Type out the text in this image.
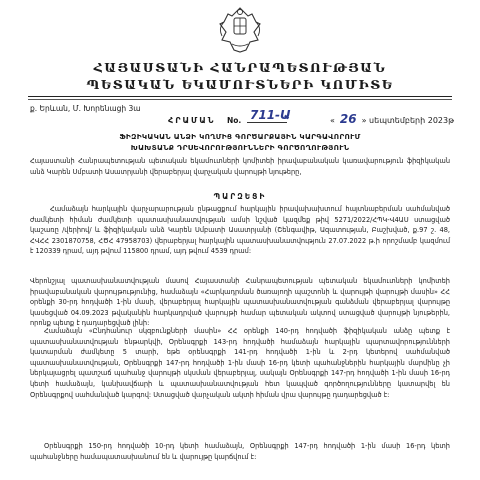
ՀԱՅԱՍՏԱՆԻ ՀԱՆՐԱՊԵՏՈՒԹՅԱՆ
ՊԵՏԱԿԱՆ ԵԿԱՄՈՒՏՆԵՐԻ ԿՈՄԻՏԵ
ք. Երևան, Մ. Խորենացի 3ա
ՀՐԱՄԱՆ No. 711-Ա	« 26 » սեպտեմբերի 2023թ
ՖԻԶԻԿԱԿԱՆ ԱՆՁԻ ԿՈՂՄԻՑ ԳՈՐԾԱՐՔԱՅԻՆ ԿԱՐԳԱՎՈՐՈՒՄ
ԽԱԽՏԱՆՔ ԴՐՍԵՎՈՐՈՒԹՅՈՒՆՆԵՐԻ ԳՈՐԾՈՂՈՒԹՅՈՒՆ
Հայաստանի Հանրապետության պետական եկամուտների կոմիտեի իրավաբանական կառավարություն ֆիզիկական անձ Կարեն Սմբատի Ասատրյանի վերաբերյալ վարչական վարույթի նյութերը,
ՊԱՐԶԵՑԻ
Համաձայն հարկային վարչարարության ընթացքում հարկային իրավախախտում հայտնաբերման սահմանված ժամկետի հիման ժամկետի պատասխանատվության ամսի նշված կազմեք թիվ 5271/2022/ՀՊԿ-Վ4ԱՍ ստացված կաշառը /վերիով/ և ֆիզիկական անձ Կարեն Սմբատի Ասատրյանի (Շենգավիթ, Ազատության, Բաշխված, ք.97 շ. 48, ՀՎՀՀ 2301870758, ՀԾՀ 47958703) վերաբերյալ հարկային պատասխանատվություն 27.07.2022 թ.ի որոշմամբ կազմում է 120339 դրամ, այդ թվում 115800 դրամ, այդ թվում 4539 դրամ:
Վերոնշյալ պատասխանատվության մասով Հայաստանի Հանրապետության պետական եկամուտների կոմիտեի իրավաբանական վարույթությունից, համաձայն «Հարկադրման ծառայողի պաշտոնի և վարույթի վարույթի մասին» ՀՀ օրենքի 30-րդ հոդվածի 1-ին մասի, վերաբերյալ հարկային պատասխանատվության գանձման վերաբերյալ վարույթը կասեցված 04.09.2023 թվականին հարկադրված վարույթի համար պետական ակտով ստացված վարույթի նյութերին, որոնք պետք է դադարեցված լինի:
Համաձայն «Ընդհանուր սկզբունքների մասին» ՀՀ օրենքի 140-րդ հոդվածի ֆիզիկական անձը պետք է պատասխանատվության ենթարկվի, Օրենսգրքի 143-րդ հոդվածի համաձայն հարկային պարտավորությունների կատարման ժամկետը 5 տարի, եթե օրենսգրքի 141-րդ հոդվածի 1-ին և 2-րդ կետերով սահմանված պատասխանատվության, Օրենսգրքի 147-րդ հոդվածի 1-ին մասի 16-րդ կետի պահանջներին հարկային մարմինը չի ներկայացրել պատշաճ պահանջ վարույթի սկսման վերաբերյալ, սակայն Օրենսգրքի 147-րդ հոդվածի 1-ին մասի 16-րդ կետի համաձայն, կանխավճարի և պատասխանատվության հետ կապված գործողությունները կատարվել են Օրենսգրքով սահմանված կարգով: Ստացված վարչական ակտի հիման վրա վարույթը դադարեցված է:
Օրենսգրքի 150-րդ հոդվածի 10-րդ կետի համաձայն, Օրենսգրքի 147-րդ հոդվածի 1-ին մասի 16-րդ կետի պահանջները համապատասխանում են և վարույթը կարճվում է:
